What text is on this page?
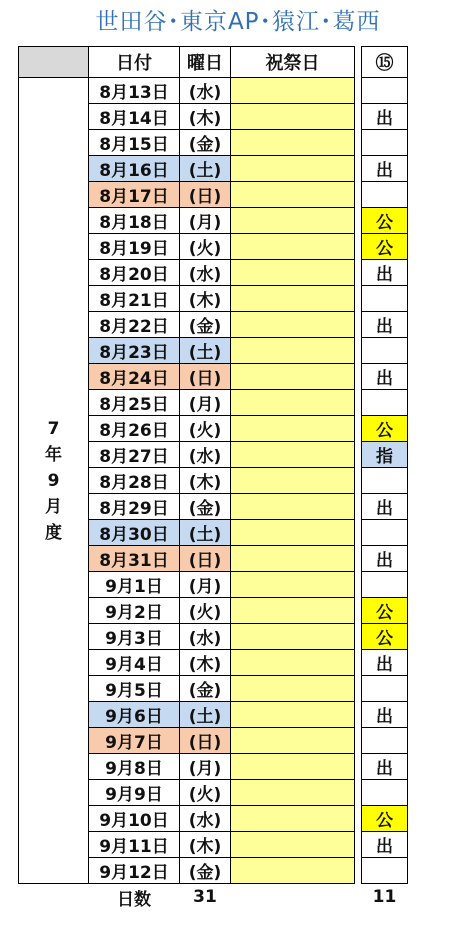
世田谷･東京AP･猿江･葛西
	日付	曜日	祝祭日		⑮
7年9月度	8月13日	(水)			
	8月14日	(木)			出
	8月15日	(金)			
	8月16日	(土)			出
	8月17日	(日)			
	8月18日	(月)			公
	8月19日	(火)			公
	8月20日	(水)			出
	8月21日	(木)			
	8月22日	(金)			出
	8月23日	(土)			
	8月24日	(日)			出
	8月25日	(月)			
	8月26日	(火)			公
	8月27日	(水)			指
	8月28日	(木)			
	8月29日	(金)			出
	8月30日	(土)			
	8月31日	(日)			出
	9月1日	(月)			
	9月2日	(火)			公
	9月3日	(水)			公
	9月4日	(木)			出
	9月5日	(金)			
	9月6日	(土)			出
	9月7日	(日)			
	9月8日	(月)			出
	9月9日	(火)			
	9月10日	(水)			公
	9月11日	(木)			出
	9月12日	(金)			
	日数	31			11
